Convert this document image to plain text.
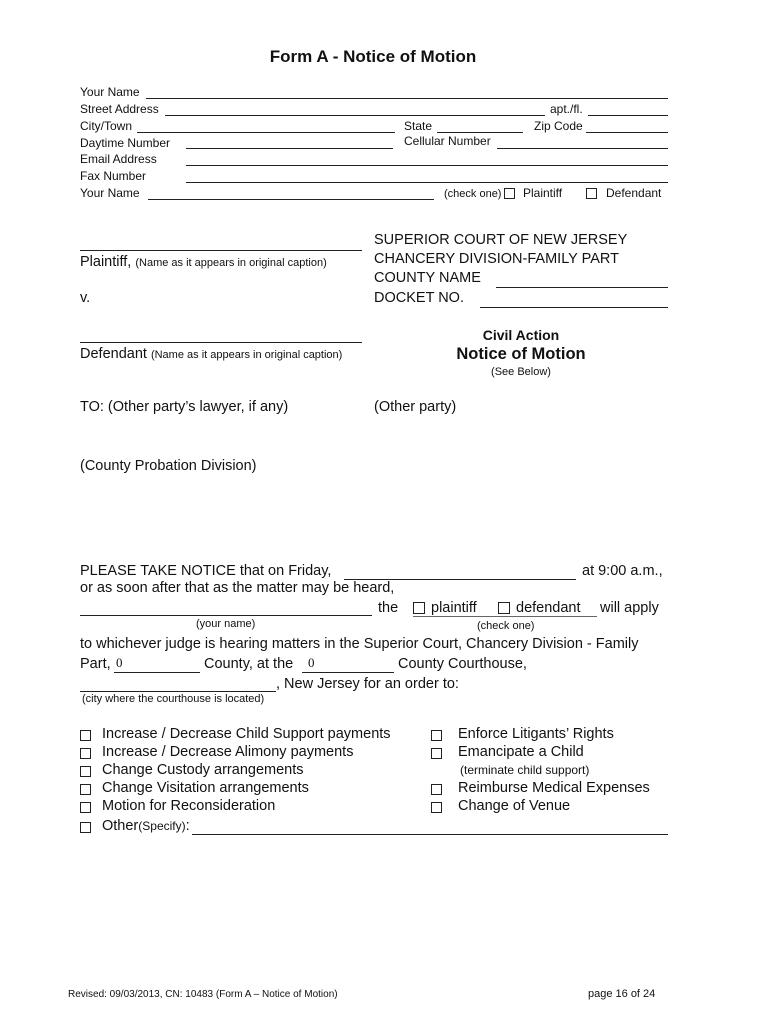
Form A - Notice of Motion
Your Name
Street Address	apt./fl.
City/Town	State	Zip Code
Daytime Number	Cellular Number
Email Address
Fax Number
Your Name	(check one) Plaintiff	Defendant
Plaintiff, (Name as it appears in original caption)
v.
Defendant (Name as it appears in original caption)
SUPERIOR COURT OF NEW JERSEY
CHANCERY DIVISION-FAMILY PART
COUNTY NAME
DOCKET NO.
Civil Action
Notice of Motion
(See Below)
TO: (Other party’s lawyer, if any)	(Other party)
(County Probation Division)
PLEASE TAKE NOTICE that on Friday,	at 9:00 a.m.,
or as soon after that as the matter may be heard,
the plaintiff	defendant will apply
(your name)	(check one)
to whichever judge is hearing matters in the Superior Court, Chancery Division - Family
Part, 0	County, at the 0	County Courthouse,
, New Jersey for an order to:
(city where the courthouse is located)
Increase / Decrease Child Support payments
Increase / Decrease Alimony payments
Change Custody arrangements
Change Visitation arrangements
Motion for Reconsideration
Other(Specify):
Enforce Litigants’ Rights
Emancipate a Child
(terminate child support)
Reimburse Medical Expenses
Change of Venue
Revised: 09/03/2013, CN: 10483 (Form A – Notice of Motion)	page 16 of 24
